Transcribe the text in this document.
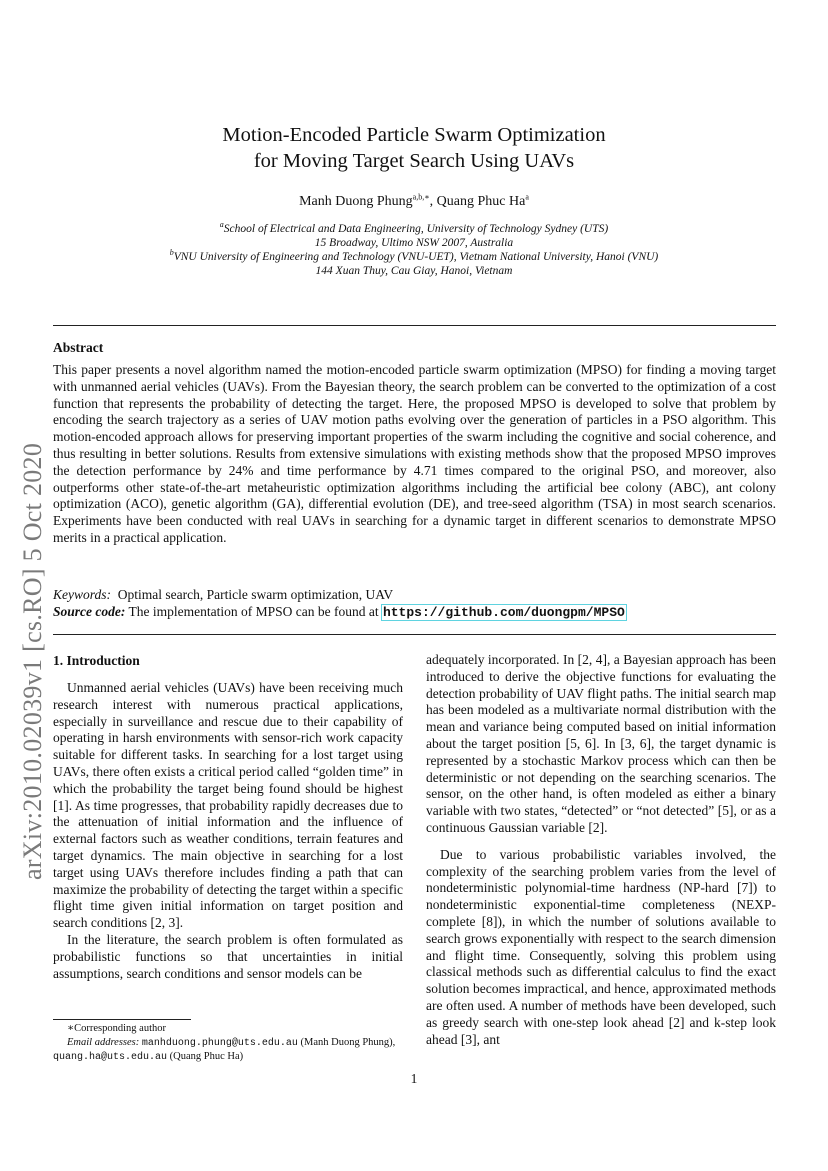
arXiv:2010.02039v1 [cs.RO] 5 Oct 2020
Motion-Encoded Particle Swarm Optimization
for Moving Target Search Using UAVs
Manh Duong Phung$^{a,b,∗}$, Quang Phuc Ha$^a$
$^a$School of Electrical and Data Engineering, University of Technology Sydney (UTS)
15 Broadway, Ultimo NSW 2007, Australia
$^b$VNU University of Engineering and Technology (VNU-UET), Vietnam National University, Hanoi (VNU)
144 Xuan Thuy, Cau Giay, Hanoi, Vietnam
Abstract
This paper presents a novel algorithm named the motion-encoded particle swarm optimization (MPSO) for finding a moving target with unmanned aerial vehicles (UAVs). From the Bayesian theory, the search problem can be converted to the optimization of a cost function that represents the probability of detecting the target. Here, the proposed MPSO is developed to solve that problem by encoding the search trajectory as a series of UAV motion paths evolving over the generation of particles in a PSO algorithm. This motion-encoded approach allows for preserving important properties of the swarm including the cognitive and social coherence, and thus resulting in better solutions. Results from extensive simulations with existing methods show that the proposed MPSO improves the detection performance by 24% and time performance by 4.71 times compared to the original PSO, and moreover, also outperforms other state-of-the-art metaheuristic optimization algorithms including the artificial bee colony (ABC), ant colony optimization (ACO), genetic algorithm (GA), differential evolution (DE), and tree-seed algorithm (TSA) in most search scenarios. Experiments have been conducted with real UAVs in searching for a dynamic target in different scenarios to demonstrate MPSO merits in a practical application.
Keywords: Optimal search, Particle swarm optimization, UAV
Source code: The implementation of MPSO can be found at https://github.com/duongpm/MPSO
1. Introduction

Unmanned aerial vehicles (UAVs) have been receiving much research interest with numerous practical applications, especially in surveillance and rescue due to their capability of operating in harsh environments with sensor-rich work capacity suitable for different tasks. In searching for a lost target using UAVs, there often exists a critical period called “golden time” in which the probability the target being found should be highest [1]. As time progresses, that probability rapidly decreases due to the attenuation of initial information and the influence of external factors such as weather conditions, terrain features and target dynamics. The main objective in searching for a lost target using UAVs therefore includes finding a path that can maximize the probability of detecting the target within a specific flight time given initial information on target position and search conditions [2, 3].

In the literature, the search problem is often formulated as probabilistic functions so that uncertainties in initial assumptions, search conditions and sensor models can be

adequately incorporated. In [2, 4], a Bayesian approach has been introduced to derive the objective functions for evaluating the detection probability of UAV flight paths. The initial search map has been modeled as a multivariate normal distribution with the mean and variance being computed based on initial information about the target position [5, 6]. In [3, 6], the target dynamic is represented by a stochastic Markov process which can then be deterministic or not depending on the searching scenarios. The sensor, on the other hand, is often modeled as either a binary variable with two states, “detected” or “not detected” [5], or as a continuous Gaussian variable [2].

Due to various probabilistic variables involved, the complexity of the searching problem varies from the level of nondeterministic polynomial-time hardness (NP-hard [7]) to nondeterministic exponential-time completeness (NEXP-complete [8]), in which the number of solutions available to search grows exponentially with respect to the search dimension and flight time. Consequently, solving this problem using classical methods such as differential calculus to find the exact solution becomes impractical, and hence, approximated methods are often used. A number of methods have been developed, such as greedy search with one-step look ahead [2] and k-step look ahead [3], ant

∗Corresponding author
Email addresses: manhduong.phung@uts.edu.au (Manh Duong Phung), quang.ha@uts.edu.au (Quang Phuc Ha)
1
